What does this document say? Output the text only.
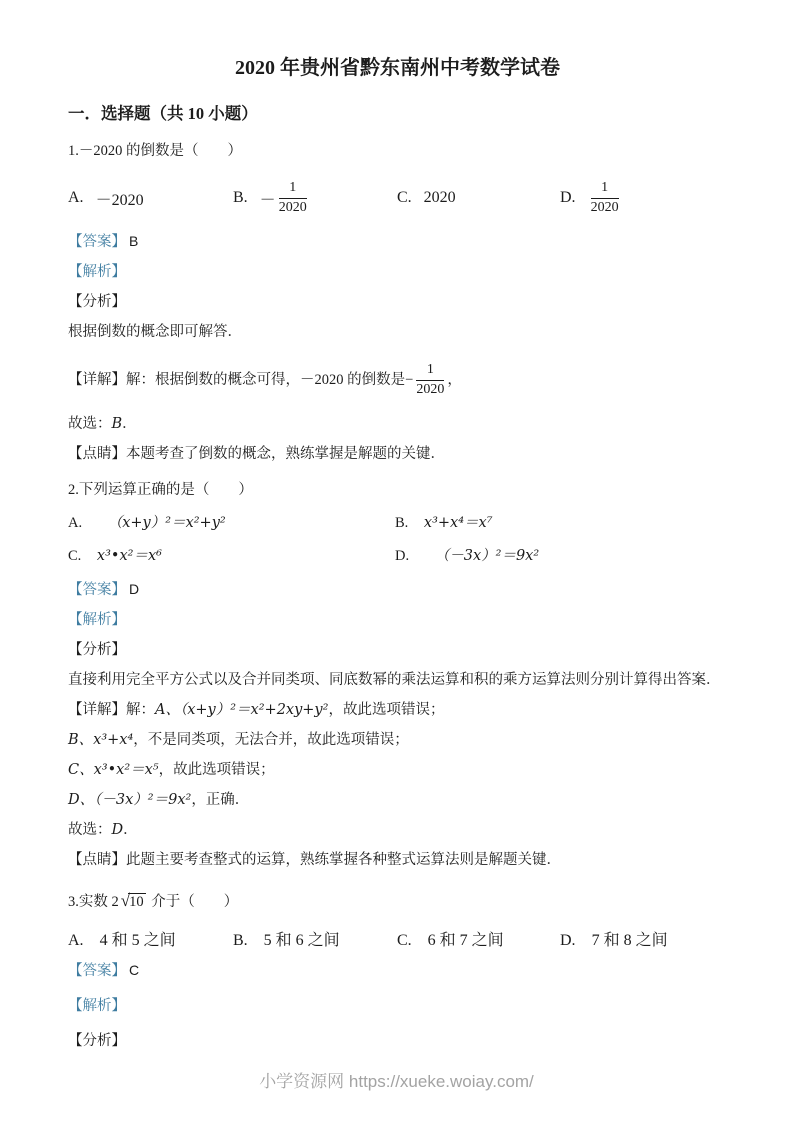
2020 年贵州省黔东南州中考数学试卷
一．选择题（共 10 小题）
1.－2020 的倒数是（　　）
A. －2020	B. － $\frac{1}{2020}$	C. 2020	D. $\frac{1}{2020}$
【答案】 B
【解析】
【分析】
根据倒数的概念即可解答．
【详解】 解：根据倒数的概念可得，－2020 的倒数是 − $\frac{1}{2020}$ ，
故选：B．
【点睛】本题考查了倒数的概念，熟练掌握是解题的关键．
2.下列运算正确的是（　　）
A. （x+y）²＝x²+y²	B. x³+x⁴＝x⁷
C. x³•x²＝x⁶	D. （－3x）²＝9x²
【答案】 D
【解析】
【分析】
直接利用完全平方公式以及合并同类项、同底数幂的乘法运算和积的乘方运算法则分别计算得出答案．
【详解】解：A、（x+y）²＝x²+2xy+y²，故此选项错误；
B、x³+x⁴，不是同类项，无法合并，故此选项错误；
C、x³•x²＝x⁵，故此选项错误；
D、（－3x）²＝9x²，正确．
故选：D．
【点睛】此题主要考查整式的运算，熟练掌握各种整式运算法则是解题关键．
3.实数 2 √10 介于（　　）
A. 4 和 5 之间	B. 5 和 6 之间	C. 6 和 7 之间	D. 7 和 8 之间
【答案】 C
【解析】
【分析】
小学资源网 https://xueke.woiay.com/
